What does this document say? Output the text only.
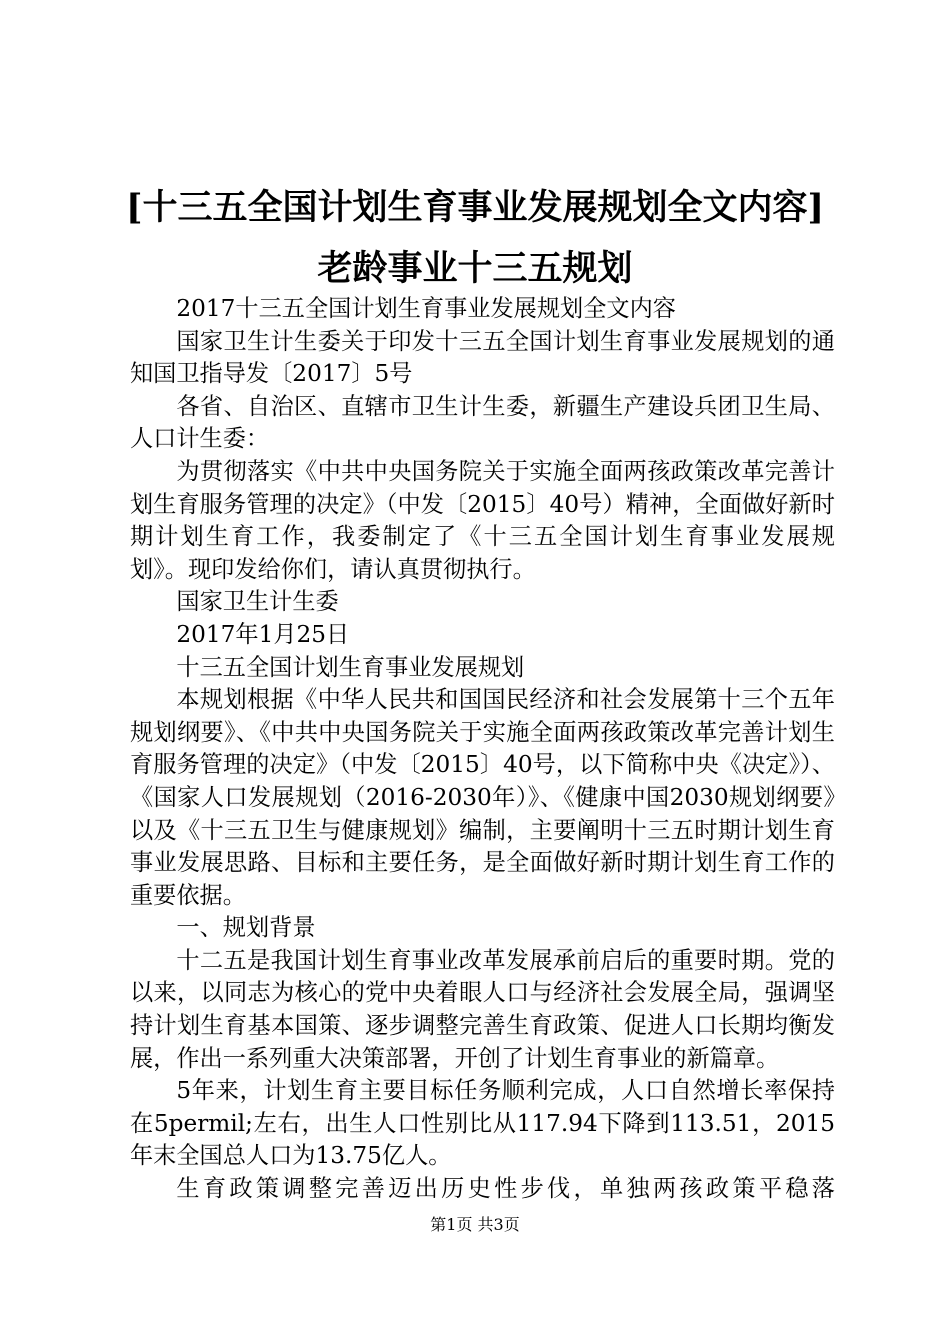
[十三五全国计划生育事业发展规划全文内容]
老龄事业十三五规划

2017十三五全国计划生育事业发展规划全文内容

国家卫生计生委关于印发十三五全国计划生育事业发展规划的通知国卫指导发〔2017〕5号

各省、自治区、直辖市卫生计生委，新疆生产建设兵团卫生局、人口计生委：

为贯彻落实《中共中央国务院关于实施全面两孩政策改革完善计划生育服务管理的决定》（中发〔2015〕40号）精神，全面做好新时期计划生育工作，我委制定了《十三五全国计划生育事业发展规划》。现印发给你们，请认真贯彻执行。

国家卫生计生委

2017年1月25日

十三五全国计划生育事业发展规划

本规划根据《中华人民共和国国民经济和社会发展第十三个五年规划纲要》、《中共中央国务院关于实施全面两孩政策改革完善计划生育服务管理的决定》（中发〔2015〕40号，以下简称中央《决定》）、《国家人口发展规划（2016-2030年）》、《健康中国2030规划纲要》以及《十三五卫生与健康规划》编制，主要阐明十三五时期计划生育事业发展思路、目标和主要任务，是全面做好新时期计划生育工作的重要依据。

一、规划背景

十二五是我国计划生育事业改革发展承前启后的重要时期。党的以来，以同志为核心的党中央着眼人口与经济社会发展全局，强调坚持计划生育基本国策、逐步调整完善生育政策、促进人口长期均衡发展，作出一系列重大决策部署，开创了计划生育事业的新篇章。

5年来，计划生育主要目标任务顺利完成，人口自然增长率保持在5permil;左右，出生人口性别比从117.94下降到113.51，2015年末全国总人口为13.75亿人。

生育政策调整完善迈出历史性步伐，单独两孩政策平稳落

第1页 共3页
